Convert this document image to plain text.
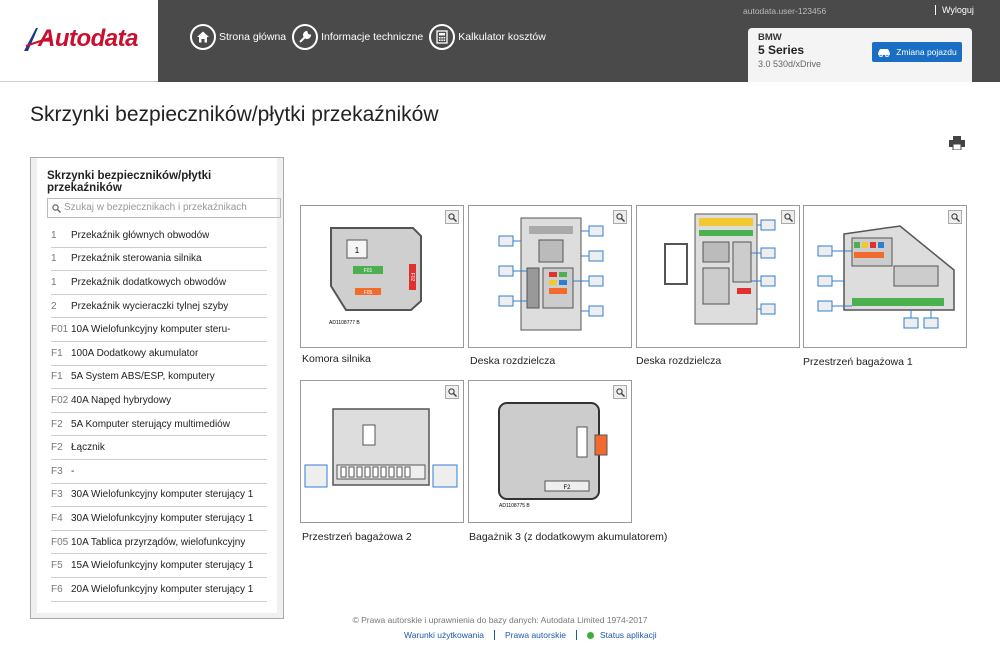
Autodata	Strona główna	Informacje techniczne	Kalkulator kosztów
autodata.user-123456	Wyloguj
BMW
5 Series
3.0 530d/xDrive
Zmiana pojazdu
Skrzynki bezpieczników/płytki przekaźników
Skrzynki bezpieczników/płytki przekaźników
Szukaj w bezpiecznikach i przekaźnikach
1	Przekaźnik głównych obwodów
1	Przekaźnik sterowania silnika
1	Przekaźnik dodatkowych obwodów
2	Przekaźnik wycieraczki tylnej szyby
F01 10A Wielofunkcyjny komputer steru-
F1 100A Dodatkowy akumulator
F1 5A System ABS/ESP, komputery
F02 40A Napęd hybrydowy
F2 5A Komputer sterujący multimediów
F2 Łącznik
F3 -
F3 30A Wielofunkcyjny komputer sterujący 1
F4 30A Wielofunkcyjny komputer sterujący 1
F05 10A Tablica przyrządów, wielofunkcyjny
F5 15A Wielofunkcyjny komputer sterujący 1
F6 20A Wielofunkcyjny komputer sterujący 1
1
F01
F05
F02
AD1108777 B
Komora silnika	Deska rozdzielcza	Deska rozdzielcza	Przestrzeń bagażowa 1
Przestrzeń bagażowa 2
F2
AD1108775 B
Bagażnik 3 (z dodatkowym akumulatorem)
© Prawa autorskie i uprawnienia do bazy danych: Autodata Limited 1974-2017
Warunki użytkowania Prawa autorskie	Status aplikacji
